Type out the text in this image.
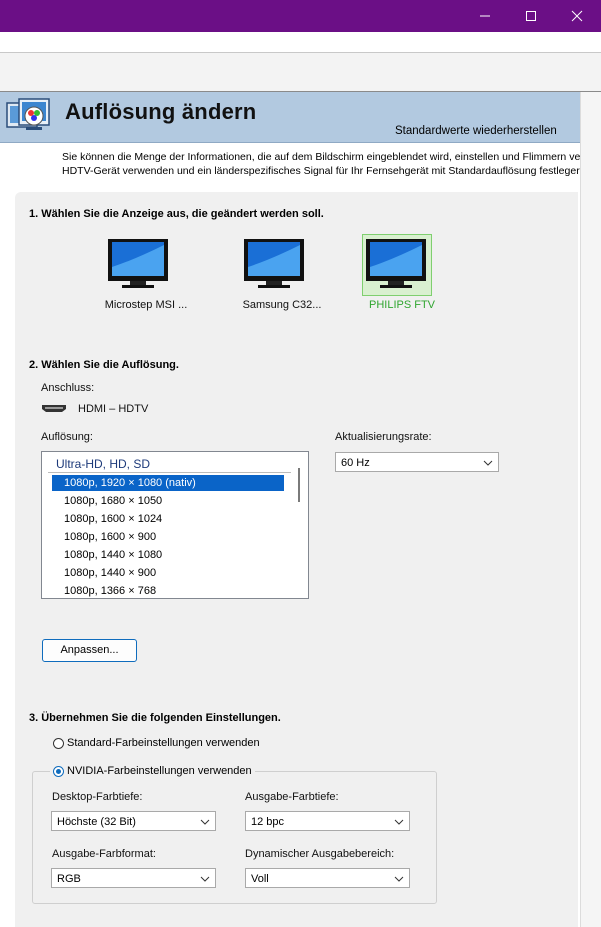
Auflösung ändern
Standardwerte wiederherstellen
Sie können die Menge der Informationen, die auf dem Bildschirm eingeblendet wird, einstellen und Flimmern ve
HDTV-Gerät verwenden und ein länderspezifisches Signal für Ihr Fernsehgerät mit Standardauflösung festleger
1. Wählen Sie die Anzeige aus, die geändert werden soll.
Microstep MSI ...	Samsung C32...	PHILIPS FTV
2. Wählen Sie die Auflösung.
Anschluss:
HDMI – HDTV
Auflösung:	Aktualisierungsrate:
Ultra-HD, HD, SD
1080p, 1920 × 1080 (nativ)
1080p, 1680 × 1050
1080p, 1600 × 1024
1080p, 1600 × 900
1080p, 1440 × 1080
1080p, 1440 × 900
1080p, 1366 × 768
60 Hz
Anpassen...
3. Übernehmen Sie die folgenden Einstellungen.
Standard-Farbeinstellungen verwenden
NVIDIA-Farbeinstellungen verwenden
Desktop-Farbtiefe:	Ausgabe-Farbtiefe:
Höchste (32 Bit)	12 bpc
Ausgabe-Farbformat:	Dynamischer Ausgabebereich:
RGB	Voll
